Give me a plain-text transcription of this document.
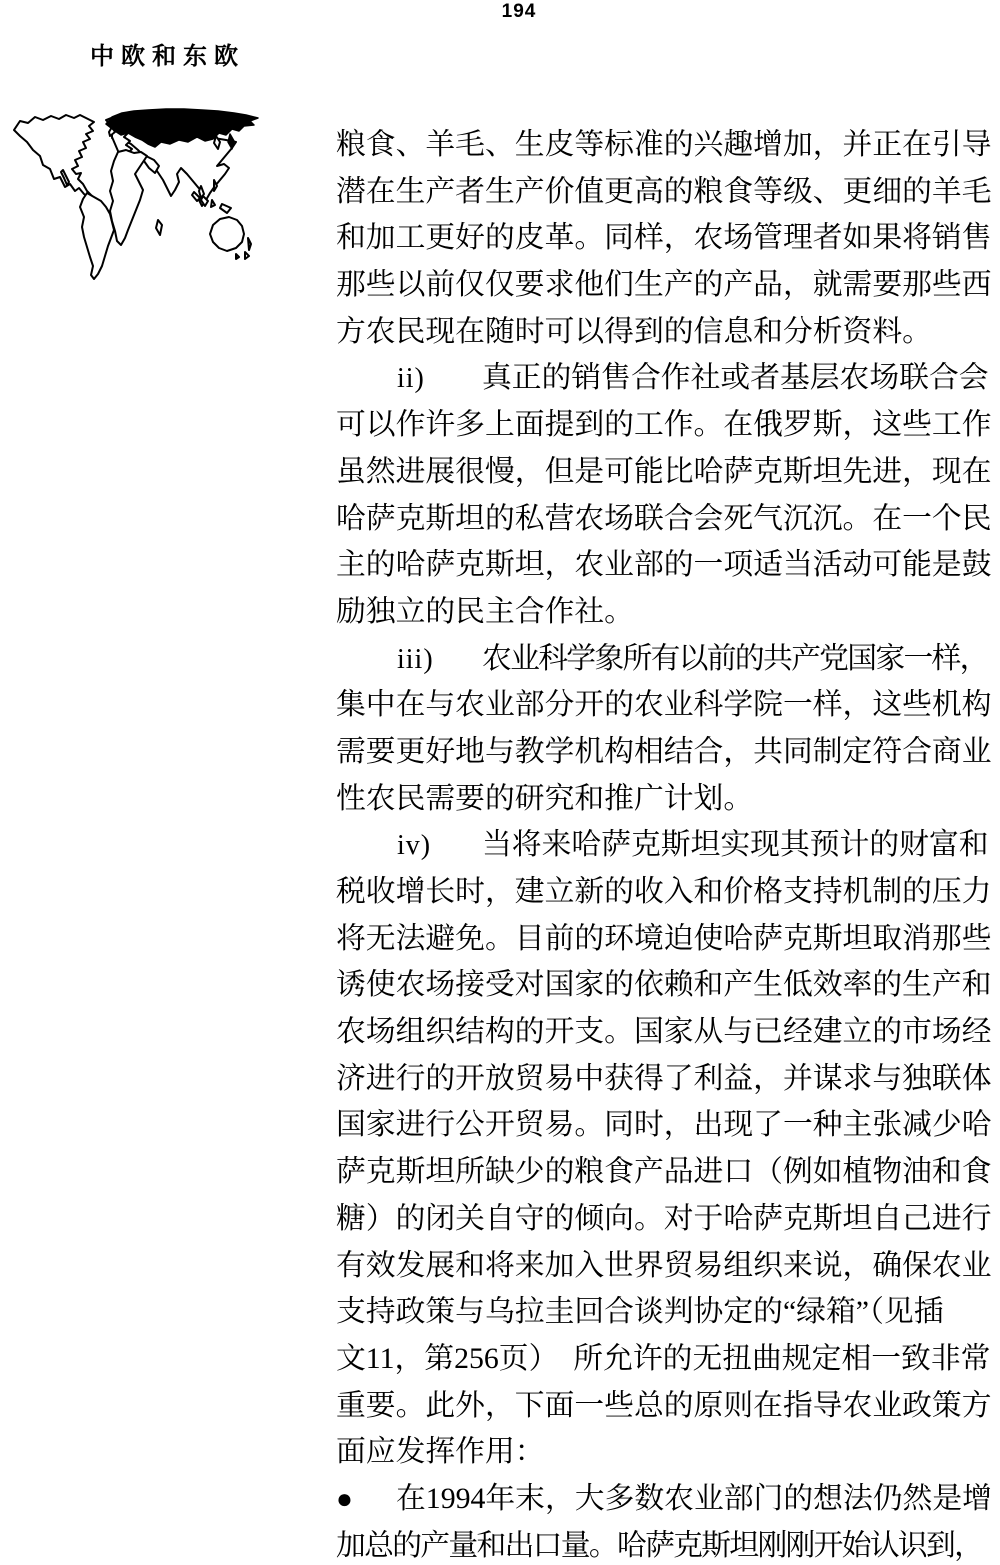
194
中欧和东欧
粮食、羊毛、生皮等标准的兴趣增加，并正在引导
潜在生产者生产价值更高的粮食等级、更细的羊毛
和加工更好的皮革。同样，农场管理者如果将销售
那些以前仅仅要求他们生产的产品，就需要那些西
方农民现在随时可以得到的信息和分析资料。
ii) 真正的销售合作社或者基层农场联合会
可以作许多上面提到的工作。在俄罗斯，这些工作
虽然进展很慢，但是可能比哈萨克斯坦先进，现在
哈萨克斯坦的私营农场联合会死气沉沉。在一个民
主的哈萨克斯坦，农业部的一项适当活动可能是鼓
励独立的民主合作社。
iii) 农业科学象所有以前的共产党国家一样，
集中在与农业部分开的农业科学院一样，这些机构
需要更好地与教学机构相结合，共同制定符合商业
性农民需要的研究和推广计划。
iv) 当将来哈萨克斯坦实现其预计的财富和
税收增长时，建立新的收入和价格支持机制的压力
将无法避免。目前的环境迫使哈萨克斯坦取消那些
诱使农场接受对国家的依赖和产生低效率的生产和
农场组织结构的开支。国家从与已经建立的市场经
济进行的开放贸易中获得了利益，并谋求与独联体
国家进行公开贸易。同时，出现了一种主张减少哈
萨克斯坦所缺少的粮食产品进口（例如植物油和食
糖）的闭关自守的倾向。对于哈萨克斯坦自己进行
有效发展和将来加入世界贸易组织来说，确保农业
支持政策与乌拉圭回合谈判协定的“绿箱”（见插
文11，第256页）　所允许的无扭曲规定相一致非常
重要。此外，下面一些总的原则在指导农业政策方
面应发挥作用：
● 在1994年末，大多数农业部门的想法仍然是增
加总的产量和出口量。哈萨克斯坦刚刚开始认识到，
